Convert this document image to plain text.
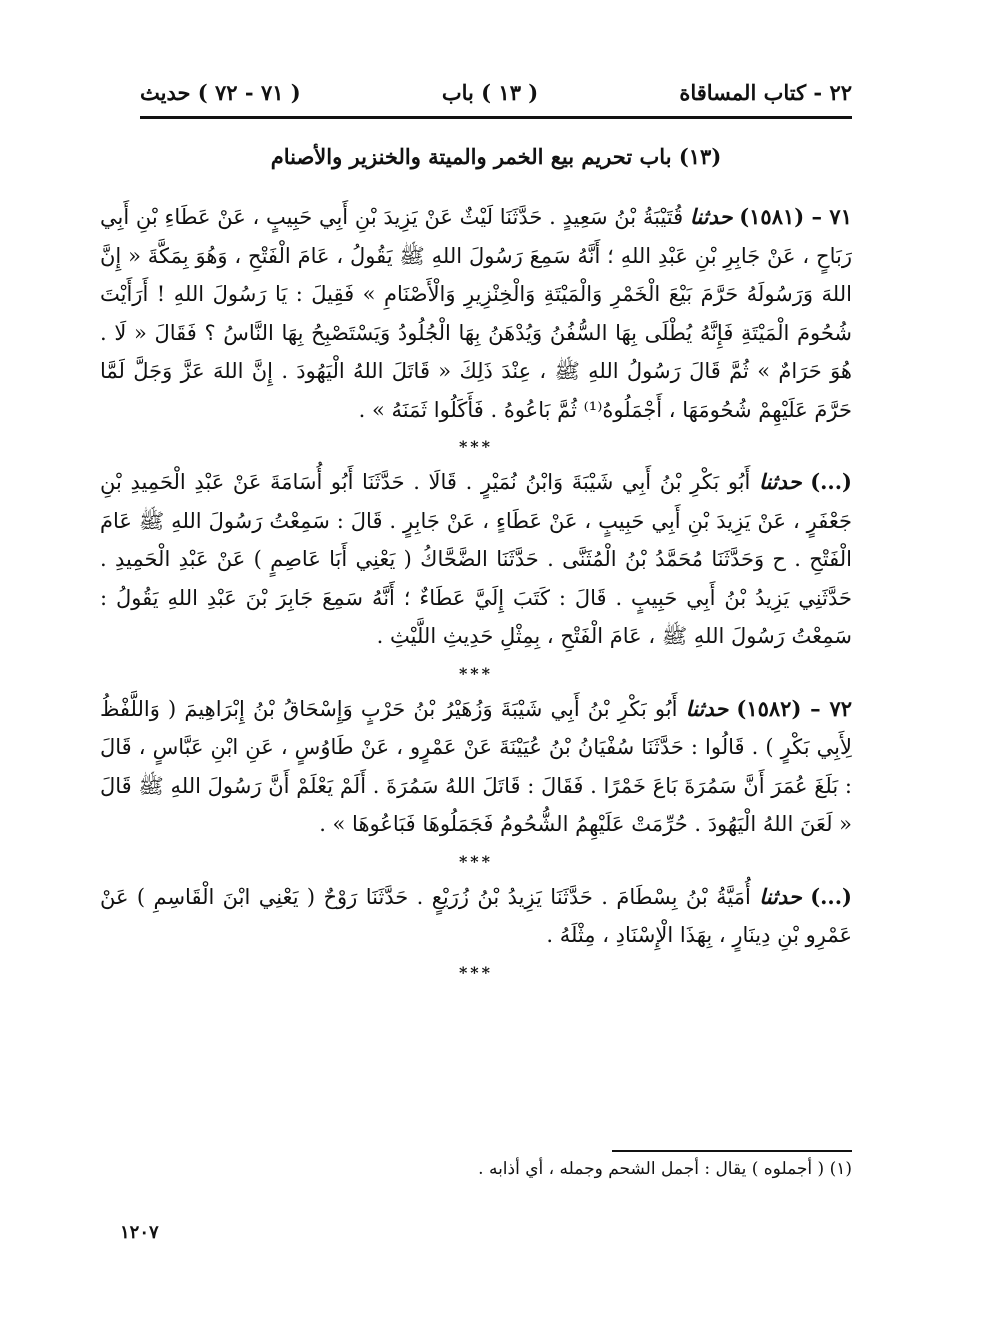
٢٢ - كتاب المساقاة
( ١٣ ) باب
( ٧١ - ٧٢ ) حديث
(١٣) باب تحريم بيع الخمر والميتة والخنزير والأصنام

٧١ – (١٥٨١) حدثنا قُتَيْبَةُ بْنُ سَعِيدٍ . حَدَّثَنَا لَيْثٌ عَنْ يَزِيدَ بْنِ أَبِي حَبِيبٍ ، عَنْ عَطَاءِ بْنِ أَبِي رَبَاحٍ ، عَنْ جَابِرِ بْنِ عَبْدِ اللهِ ؛ أَنَّهُ سَمِعَ رَسُولَ اللهِ ﷺ يَقُولُ ، عَامَ الْفَتْحِ ، وَهُوَ بِمَكَّةَ « إِنَّ اللهَ وَرَسُولَهُ حَرَّمَ بَيْعَ الْخَمْرِ وَالْمَيْتَةِ وَالْخِنْزِيرِ وَالْأَصْنَامِ » فَقِيلَ : يَا رَسُولَ اللهِ ! أَرَأَيْتَ شُحُومَ الْمَيْتَةِ فَإِنَّهُ يُطْلَى بِهَا السُّفُنُ وَيُدْهَنُ بِهَا الْجُلُودُ وَيَسْتَصْبِحُ بِهَا النَّاسُ ؟ فَقَالَ « لَا . هُوَ حَرَامٌ » ثُمَّ قَالَ رَسُولُ اللهِ ﷺ ، عِنْدَ ذَلِكَ « قَاتَلَ اللهُ الْيَهُودَ . إِنَّ اللهَ عَزَّ وَجَلَّ لَمَّا حَرَّمَ عَلَيْهِمْ شُحُومَهَا ، أَجْمَلُوهُ⁽¹⁾ ثُمَّ بَاعُوهُ . فَأَكَلُوا ثَمَنَهُ » .

***

(...) حدثنا أَبُو بَكْرِ بْنُ أَبِي شَيْبَةَ وَابْنُ نُمَيْرٍ . قَالَا . حَدَّثَنَا أَبُو أُسَامَةَ عَنْ عَبْدِ الْحَمِيدِ بْنِ جَعْفَرٍ ، عَنْ يَزِيدَ بْنِ أَبِي حَبِيبٍ ، عَنْ عَطَاءٍ ، عَنْ جَابِرٍ . قَالَ : سَمِعْتُ رَسُولَ اللهِ ﷺ عَامَ الْفَتْحِ . ح وَحَدَّثَنَا مُحَمَّدُ بْنُ الْمُثَنَّى . حَدَّثَنَا الضَّحَّاكُ ( يَعْنِي أَبَا عَاصِمٍ ) عَنْ عَبْدِ الْحَمِيدِ . حَدَّثَنِي يَزِيدُ بْنُ أَبِي حَبِيبٍ . قَالَ : كَتَبَ إِلَيَّ عَطَاءٌ ؛ أَنَّهُ سَمِعَ جَابِرَ بْنَ عَبْدِ اللهِ يَقُولُ : سَمِعْتُ رَسُولَ اللهِ ﷺ ، عَامَ الْفَتْحِ ، بِمِثْلِ حَدِيثِ اللَّيْثِ .

***

٧٢ – (١٥٨٢) حدثنا أَبُو بَكْرِ بْنُ أَبِي شَيْبَةَ وَزُهَيْرُ بْنُ حَرْبٍ وَإِسْحَاقُ بْنُ إِبْرَاهِيمَ ( وَاللَّفْظُ لِأَبِي بَكْرٍ ) . قَالُوا : حَدَّثَنَا سُفْيَانُ بْنُ عُيَيْنَةَ عَنْ عَمْرٍو ، عَنْ طَاوُسٍ ، عَنِ ابْنِ عَبَّاسٍ ، قَالَ : بَلَغَ عُمَرَ أَنَّ سَمُرَةَ بَاعَ خَمْرًا . فَقَالَ : قَاتَلَ اللهُ سَمُرَةَ . أَلَمْ يَعْلَمْ أَنَّ رَسُولَ اللهِ ﷺ قَالَ « لَعَنَ اللهُ الْيَهُودَ . حُرِّمَتْ عَلَيْهِمُ الشُّحُومُ فَجَمَلُوهَا فَبَاعُوهَا » .

***

(...) حدثنا أُمَيَّةُ بْنُ بِسْطَامَ . حَدَّثَنَا يَزِيدُ بْنُ زُرَيْعٍ . حَدَّثَنَا رَوْحٌ ( يَعْنِي ابْنَ الْقَاسِمِ ) عَنْ عَمْرِو بْنِ دِينَارٍ ، بِهَذَا الْإِسْنَادِ ، مِثْلَهُ .

***
(١) ( أجملوه ) يقال : أجمل الشحم وجمله ، أي أذابه .
١٢٠٧
